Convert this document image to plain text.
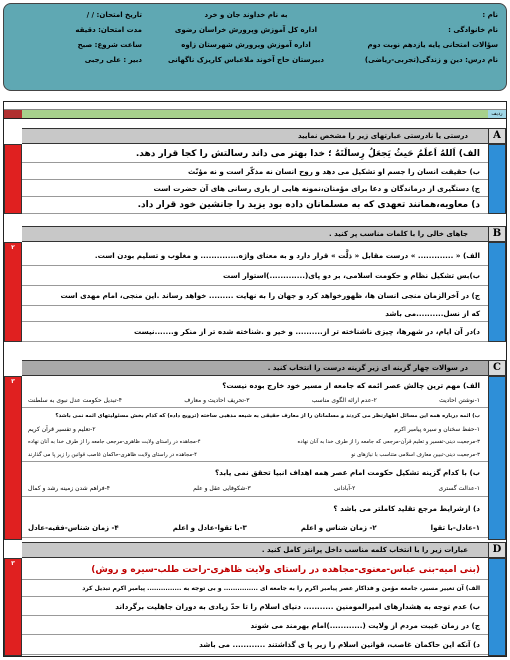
نام :
نام خانوادگی :
سؤالات امتحانی پایه یازدهم نوبت دوم
نام درس: دین و زندگی(تجربی-ریاضی)
به نام خداوند جان و خرد
اداره کل آموزش وپرورش خراسان رضوی
اداره آموزش وپرورش شهرستان زاوه
دبیرستان حاج آخوند ملاعباس کاریزک ناگهانی
تاریخ امتحان: / /
مدت امتحان: دقیقه
ساعت شروع: صبح
دبیر : علی رجبی
ردیف
A
درستی یا نادرستی عبارتهای زیر را مشخص نمایید
الف) اَللهُ اَعلَمُ حَیثُ یَجعَلُ رِسالَتَهُ ؛ خدا بهتر می داند رسالتش را کجا قرار دهد.
ب) حقیقت انسان را جسم او تشکیل می دهد و روح انسان نه مذکّر است و نه مؤنّث
ج) دستگیری از درماندگان و دعا برای مؤمنان،نمونه هایی از یاری رسانی های آن حضرت است
د) معاویه،همانند تعهدی که به مسلمانان داده بود یزید را جانشین خود قرار داد.
B
جاهای خالی را با کلمات مناسب پر کنید .
۲
الف) « ............. » درست مقابل « ذلَّت » قرار دارد و به معنای واژه.............. و مغلوب و تسلیم بودن است.
ب)بس تشکیل نظام و حکومت اسلامی، بر دو پای(.............)استوار است
ج) در آخرالزمان منجی انسان ها، ظهورخواهد کرد و جهان را به نهایت ......... خواهد رساند .این منجی، امام مهدی است
که از نسل..........می باشد
د)در آن ایام، در شهرها، چیزی ناشناخته تر از.......... و خیر و .شناخته شده تر از منکر و.......نیست
C
در سوالات چهار گزینه ای زیر گزینه درست را انتخاب کنید .
۳	الف) مهم ترین چالش عصر ائمه که جامعه از مسیر خود خارج بوده نیست؟
۱-نوشتن احادیث
۲-عدم ارائه الگوی مناسب
۳-تحریف احادیث و معارف
۴-تبدیل حکومت عدل نبوی به سلطنت
ب) ائمه درباره همه این مسائل اظهارنظر می کردند و مسلمانان را از معارف حقیقی به شیعه مذهبی ساخته (ترویج داده) که کدام بخش مسئولیتهای ائمه نمی باشد؟
۱-حفظ سخنان و سیره پیامبر اکرم
۲-تعلیم و تفسیر قرآن کریم
۳-مرجعیت دینی-تفسیر و تعلیم قرآن-مرجعی که جامعه را از طرف خدا به آنان نهاده
۴-مجاهده در راستای ولایت ظاهری-مرجعی جامعه را از طرف خدا به آنان نهاده
۳-مرجعیت دینی-تبیین معارف اسلامی متناسب با نیازهای نو
۴-مجاهده در راستای ولایت ظاهری-حاکمان غاصب قوانین را زیر پا می گذارند
ب) با کدام گزینه تشکیل حکومت امام عصر همه اهداف انبیا تحقق نمی یابد؟
۱-عدالت گستری
۲-آبادانی
۳-شکوفایی عقل و علم
۴-فراهم شدن زمینه رشد و کمال
د) ازشرایط مرجع تقلید کاملتر می باشد ؟
۱-عادل-با تقوا
۲- زمان شناس و اعلم
۳-با تقوا-عادل و اعلم
۴- زمان شناس-فقیه-عادل
D
عبارات زیر را با انتخاب کلمه مناسب داخل پرانتز کامل کنید .
۳
(بنی امیه-بنی عباس-معنوی-مجاهده در راستای ولایت ظاهری-راحت طلب-سیره و روش)
الف) آن تغییر مسیر، جامعه مؤمن و فداکار عصر پیامبر اکرم را به جامعه ای ............... و بی توجه به ............... پیامبر اکرم تبدیل کرد
ب) عدم توجه به هشدارهای امیرالمومنین ........... دنیای اسلام را تا حدّ زیادی به دوران جاهلیت برگرداند
ج) در زمان غیبت مردم از ولایت (............)امام بهرمند می شوند
د) آنکه این حاکمان غاصب، قوانین اسلام را زیر پا ی گذاشتند ............ می باشد
